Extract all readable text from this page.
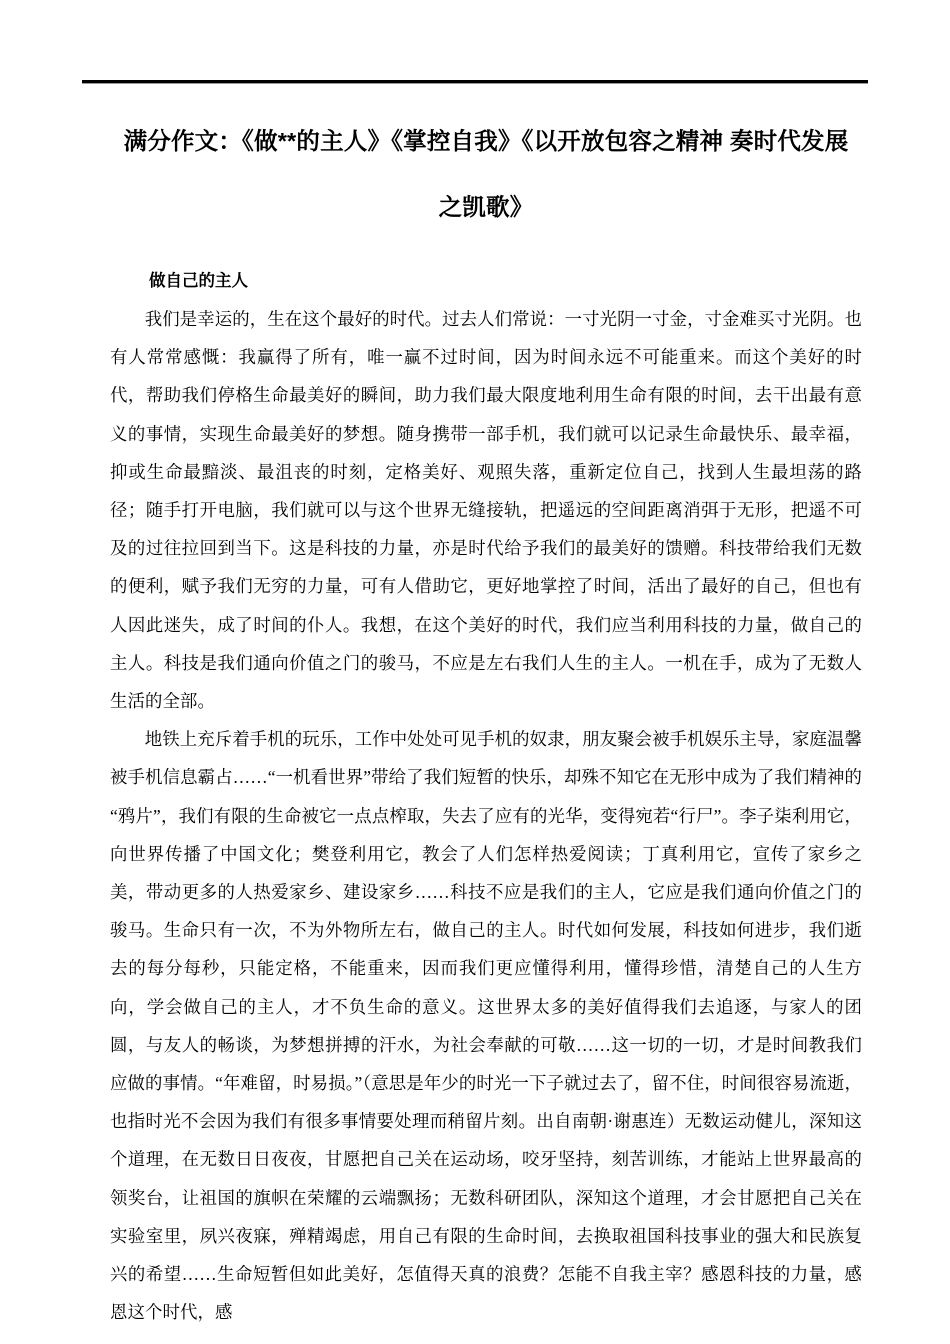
满分作文：《做**的主人》《掌控自我》《以开放包容之精神 奏时代发展之凯歌》
做自己的主人

我们是幸运的，生在这个最好的时代。过去人们常说：一寸光阴一寸金，寸金难买寸光阴。也有人常常感慨：我赢得了所有，唯一赢不过时间，因为时间永远不可能重来。而这个美好的时代，帮助我们停格生命最美好的瞬间，助力我们最大限度地利用生命有限的时间，去干出最有意义的事情，实现生命最美好的梦想。随身携带一部手机，我们就可以记录生命最快乐、最幸福，抑或生命最黯淡、最沮丧的时刻，定格美好、观照失落，重新定位自己，找到人生最坦荡的路径；随手打开电脑，我们就可以与这个世界无缝接轨，把遥远的空间距离消弭于无形，把遥不可及的过往拉回到当下。这是科技的力量，亦是时代给予我们的最美好的馈赠。科技带给我们无数的便利，赋予我们无穷的力量，可有人借助它，更好地掌控了时间，活出了最好的自己，但也有人因此迷失，成了时间的仆人。我想，在这个美好的时代，我们应当利用科技的力量，做自己的主人。科技是我们通向价值之门的骏马，不应是左右我们人生的主人。一机在手，成为了无数人生活的全部。

地铁上充斥着手机的玩乐，工作中处处可见手机的奴隶，朋友聚会被手机娱乐主导，家庭温馨被手机信息霸占……“一机看世界”带给了我们短暂的快乐，却殊不知它在无形中成为了我们精神的“鸦片”，我们有限的生命被它一点点榨取，失去了应有的光华，变得宛若“行尸”。李子柒利用它，向世界传播了中国文化；樊登利用它，教会了人们怎样热爱阅读；丁真利用它，宣传了家乡之美，带动更多的人热爱家乡、建设家乡……科技不应是我们的主人，它应是我们通向价值之门的骏马。生命只有一次，不为外物所左右，做自己的主人。时代如何发展，科技如何进步，我们逝去的每分每秒，只能定格，不能重来，因而我们更应懂得利用，懂得珍惜，清楚自己的人生方向，学会做自己的主人，才不负生命的意义。这世界太多的美好值得我们去追逐，与家人的团圆，与友人的畅谈，为梦想拼搏的汗水，为社会奉献的可敬……这一切的一切，才是时间教我们应做的事情。“年难留，时易损。”（意思是年少的时光一下子就过去了，留不住，时间很容易流逝，也指时光不会因为我们有很多事情要处理而稍留片刻。出自南朝·谢惠连）无数运动健儿，深知这个道理，在无数日日夜夜，甘愿把自己关在运动场，咬牙坚持，刻苦训练，才能站上世界最高的领奖台，让祖国的旗帜在荣耀的云端飘扬；无数科研团队，深知这个道理，才会甘愿把自己关在实验室里，夙兴夜寐，殚精竭虑，用自己有限的生命时间，去换取祖国科技事业的强大和民族复兴的希望……生命短暂但如此美好，怎值得天真的浪费？怎能不自我主宰？感恩科技的力量，感恩这个时代，感
